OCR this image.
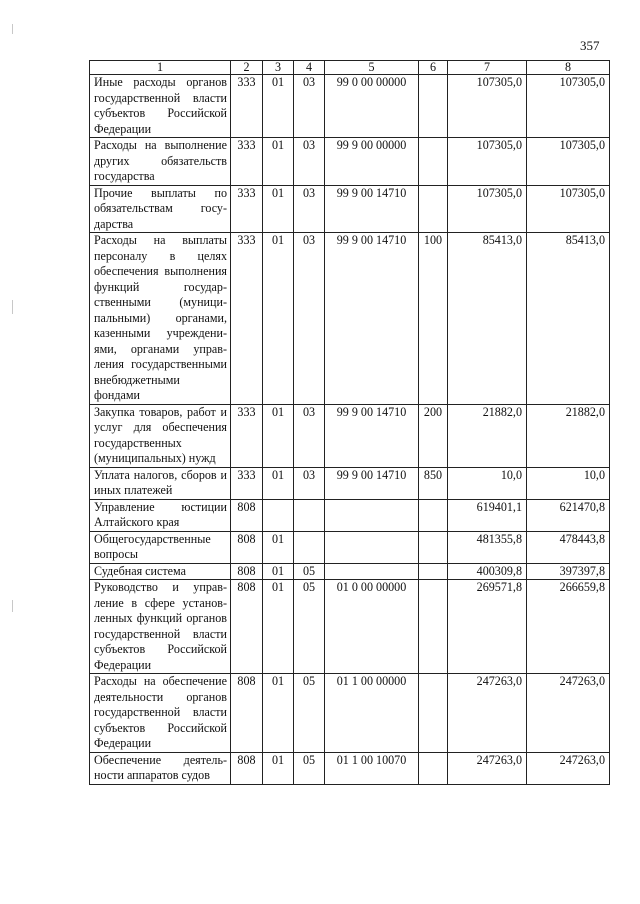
357
1	2	3	4	5	6	7	8
Иные расходы органов государственной власти субъектов Российской Федерации	333	01	03	99 0 00 00000		107305,0	107305,0
Расходы на выполнение других обязательств государства	333	01	03	99 9 00 00000		107305,0	107305,0
Прочие выплаты по обязательствам государства	333	01	03	99 9 00 14710		107305,0	107305,0
Расходы на выплаты персоналу в целях обеспечения выполнения функций государственными (муниципальными) органами, казенными учреждениями, органами управления государственными внебюджетными фондами	333	01	03	99 9 00 14710	100	85413,0	85413,0
Закупка товаров, работ и услуг для обеспечения государственных (муниципальных) нужд	333	01	03	99 9 00 14710	200	21882,0	21882,0
Уплата налогов, сборов и иных платежей	333	01	03	99 9 00 14710	850	10,0	10,0
Управление юстиции Алтайского края	808					619401,1	621470,8
Общегосударственные вопросы	808	01				481355,8	478443,8
Судебная система	808	01	05			400309,8	397397,8
Руководство и управление в сфере установленных функций органов государственной власти субъектов Российской Федерации	808	01	05	01 0 00 00000		269571,8	266659,8
Расходы на обеспечение деятельности органов государственной власти субъектов Российской Федерации	808	01	05	01 1 00 00000		247263,0	247263,0
Обеспечение деятельности аппаратов судов	808	01	05	01 1 00 10070		247263,0	247263,0
